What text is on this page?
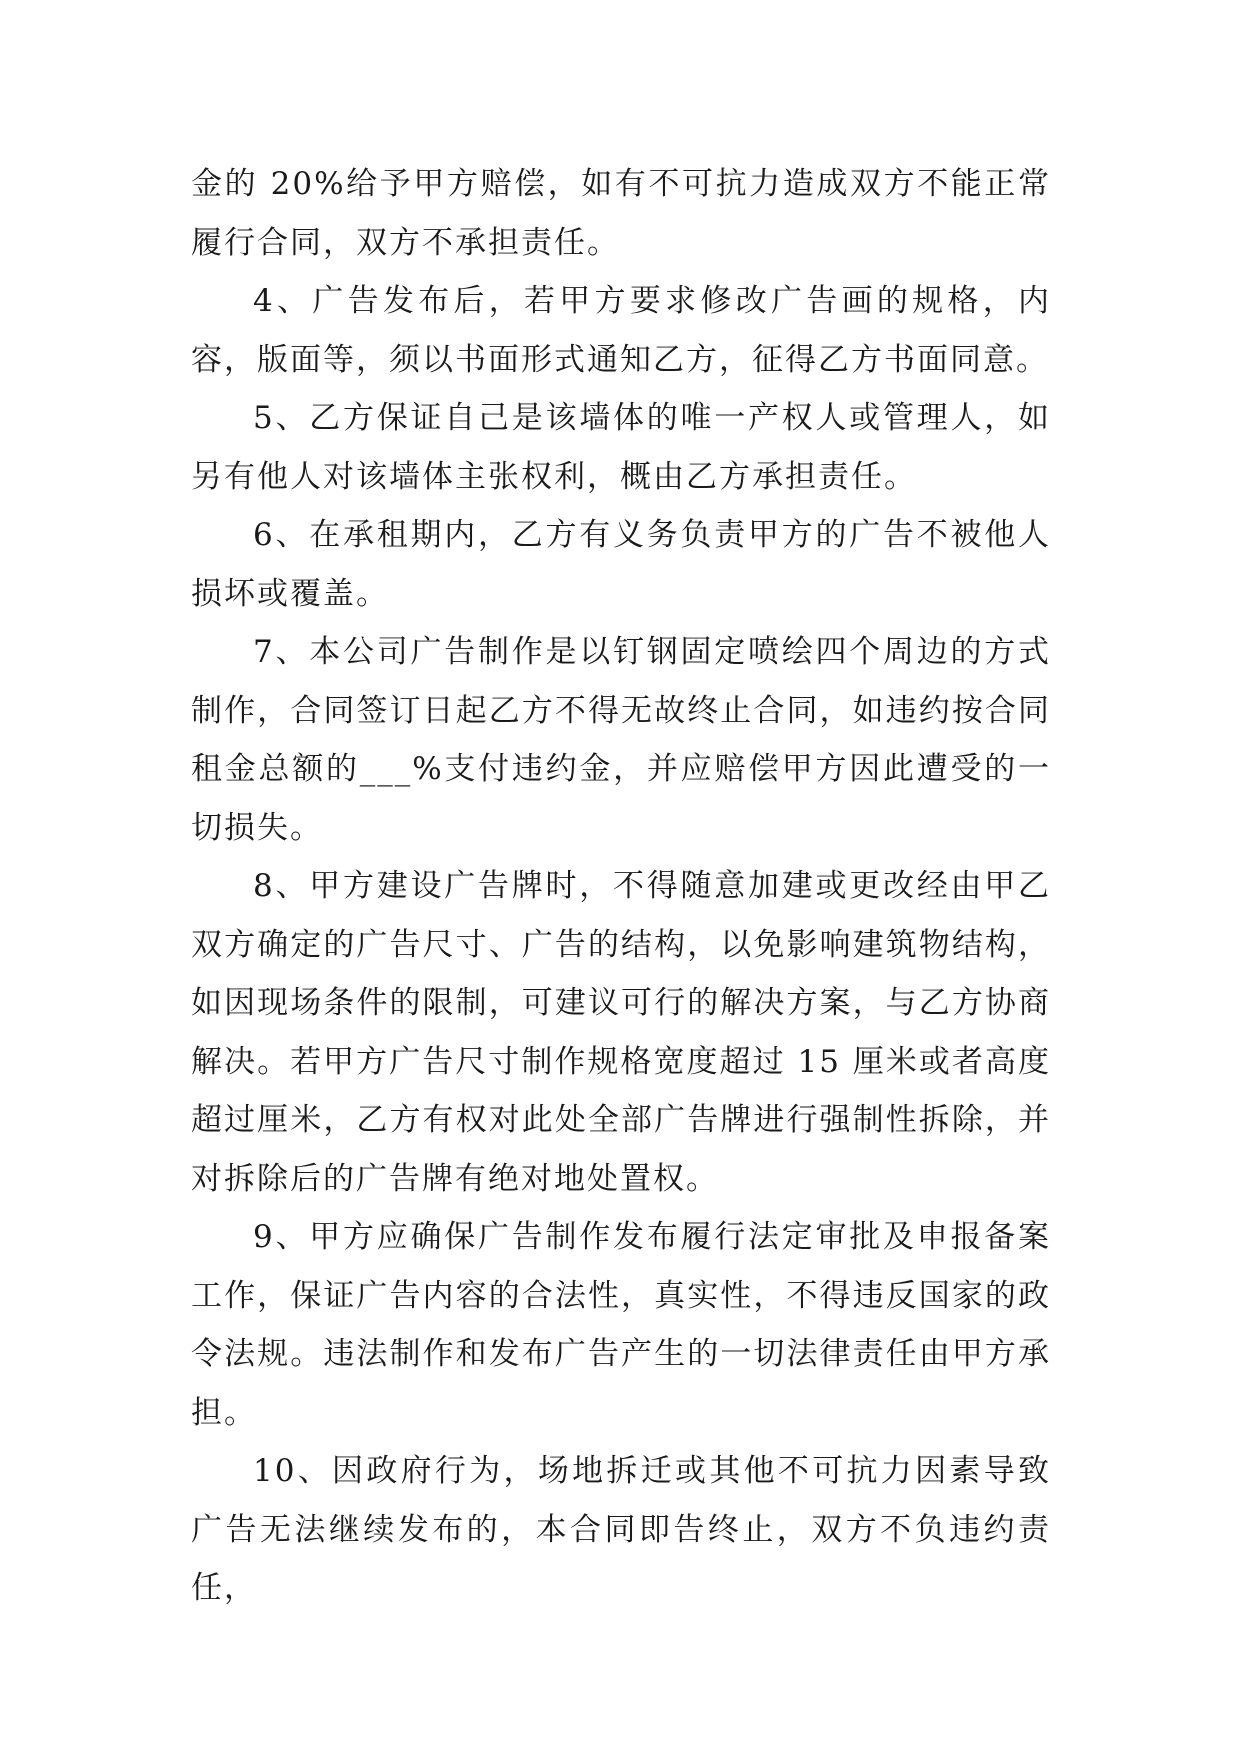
金的 20%给予甲方赔偿，如有不可抗力造成双方不能正常履行合同，双方不承担责任。

4、广告发布后，若甲方要求修改广告画的规格，内容，版面等，须以书面形式通知乙方，征得乙方书面同意。

5、乙方保证自己是该墙体的唯一产权人或管理人，如另有他人对该墙体主张权利，概由乙方承担责任。

6、在承租期内，乙方有义务负责甲方的广告不被他人损坏或覆盖。

7、本公司广告制作是以钉钢固定喷绘四个周边的方式制作，合同签订日起乙方不得无故终止合同，如违约按合同租金总额的___%支付违约金，并应赔偿甲方因此遭受的一切损失。

8、甲方建设广告牌时，不得随意加建或更改经由甲乙双方确定的广告尺寸、广告的结构，以免影响建筑物结构，如因现场条件的限制，可建议可行的解决方案，与乙方协商解决。若甲方广告尺寸制作规格宽度超过 15 厘米或者高度超过厘米，乙方有权对此处全部广告牌进行强制性拆除，并对拆除后的广告牌有绝对地处置权。

9、甲方应确保广告制作发布履行法定审批及申报备案工作，保证广告内容的合法性，真实性，不得违反国家的政令法规。违法制作和发布广告产生的一切法律责任由甲方承担。

10、因政府行为，场地拆迁或其他不可抗力因素导致广告无法继续发布的，本合同即告终止，双方不负违约责任，
